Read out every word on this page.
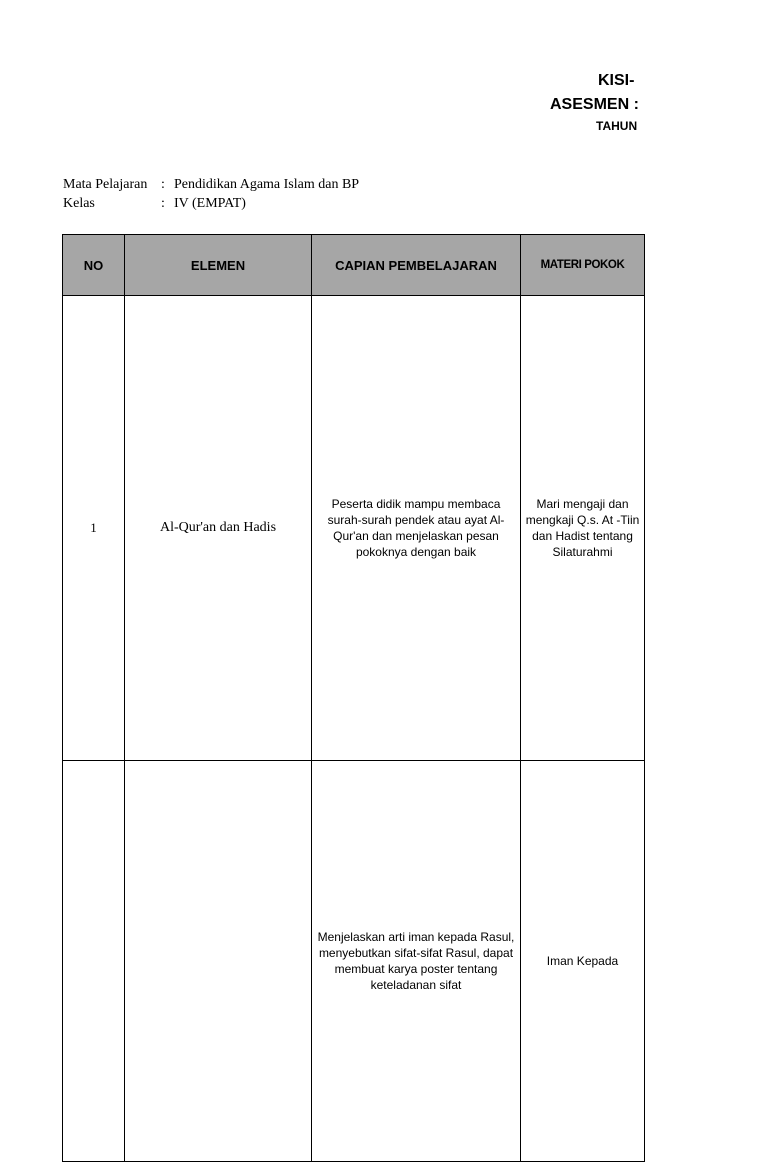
KISI-
ASESMEN :
TAHUN
Mata Pelajaran : Pendidikan Agama Islam dan BP
Kelas	: IV (EMPAT)
NO	ELEMEN	CAPIAN PEMBELAJARAN	MATERI POKOK
1	Al-Qur'an dan Hadis	Peserta didik mampu membaca surah-surah pendek atau ayat Al-Qur'an dan menjelaskan pesan pokoknya dengan baik	Mari mengaji dan mengkaji Q.s. At -Tiin dan Hadist tentang Silaturahmi
		Menjelaskan arti iman kepada Rasul, menyebutkan sifat-sifat Rasul, dapat membuat karya poster tentang keteladanan sifat	Iman Kepada
